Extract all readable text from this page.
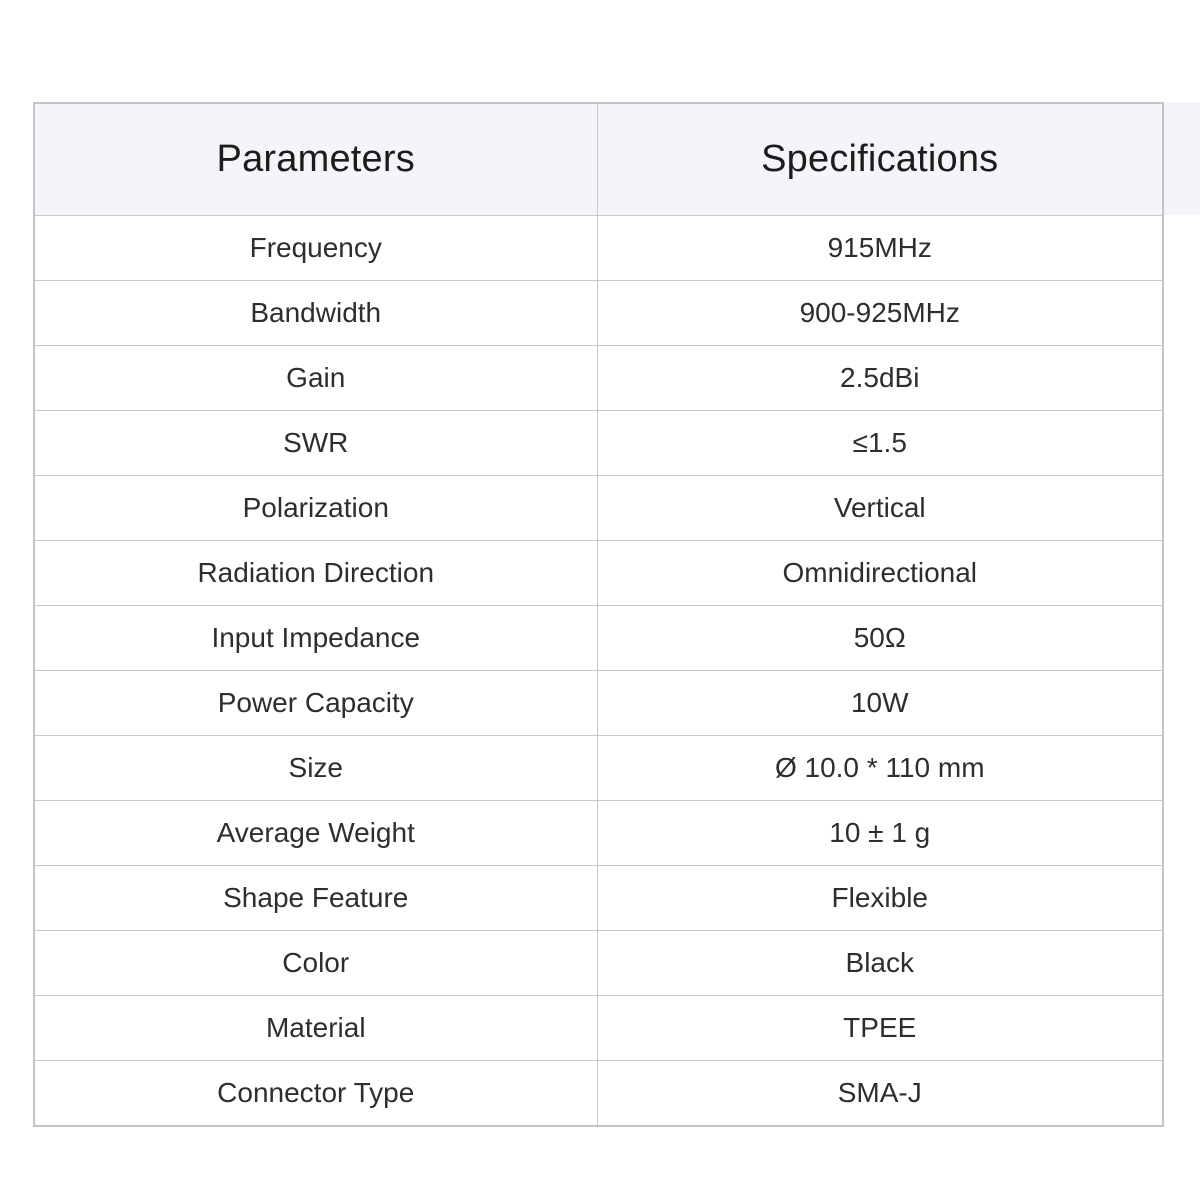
Parameters	Specifications
Frequency	915MHz
Bandwidth	900-925MHz
Gain	2.5dBi
SWR	≤1.5
Polarization	Vertical
Radiation Direction	Omnidirectional
Input Impedance	50Ω
Power Capacity	10W
Size	Ø 10.0 * 110 mm
Average Weight	10 ± 1 g
Shape Feature	Flexible
Color	Black
Material	TPEE
Connector Type	SMA-J
